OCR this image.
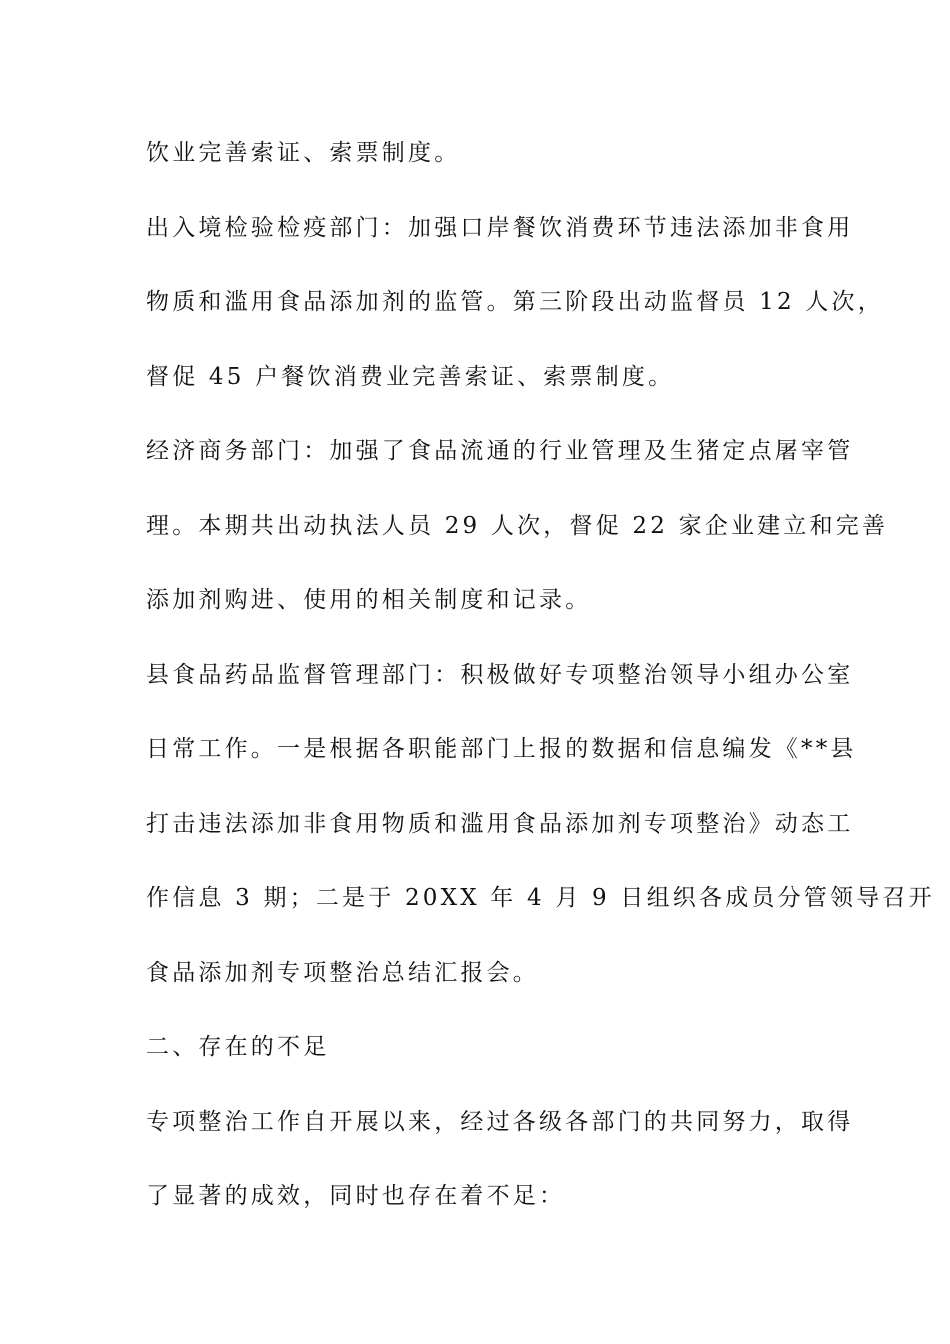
饮业完善索证、索票制度。
出入境检验检疫部门：加强口岸餐饮消费环节违法添加非食用
物质和滥用食品添加剂的监管。第三阶段出动监督员 12 人次，
督促 45 户餐饮消费业完善索证、索票制度。
经济商务部门：加强了食品流通的行业管理及生猪定点屠宰管
理。本期共出动执法人员 29 人次，督促 22 家企业建立和完善
添加剂购进、使用的相关制度和记录。
县食品药品监督管理部门：积极做好专项整治领导小组办公室
日常工作。一是根据各职能部门上报的数据和信息编发《**县
打击违法添加非食用物质和滥用食品添加剂专项整治》动态工
作信息 3 期；二是于 20XX 年 4 月 9 日组织各成员分管领导召开
食品添加剂专项整治总结汇报会。
二、存在的不足
专项整治工作自开展以来，经过各级各部门的共同努力，取得
了显著的成效，同时也存在着不足：
